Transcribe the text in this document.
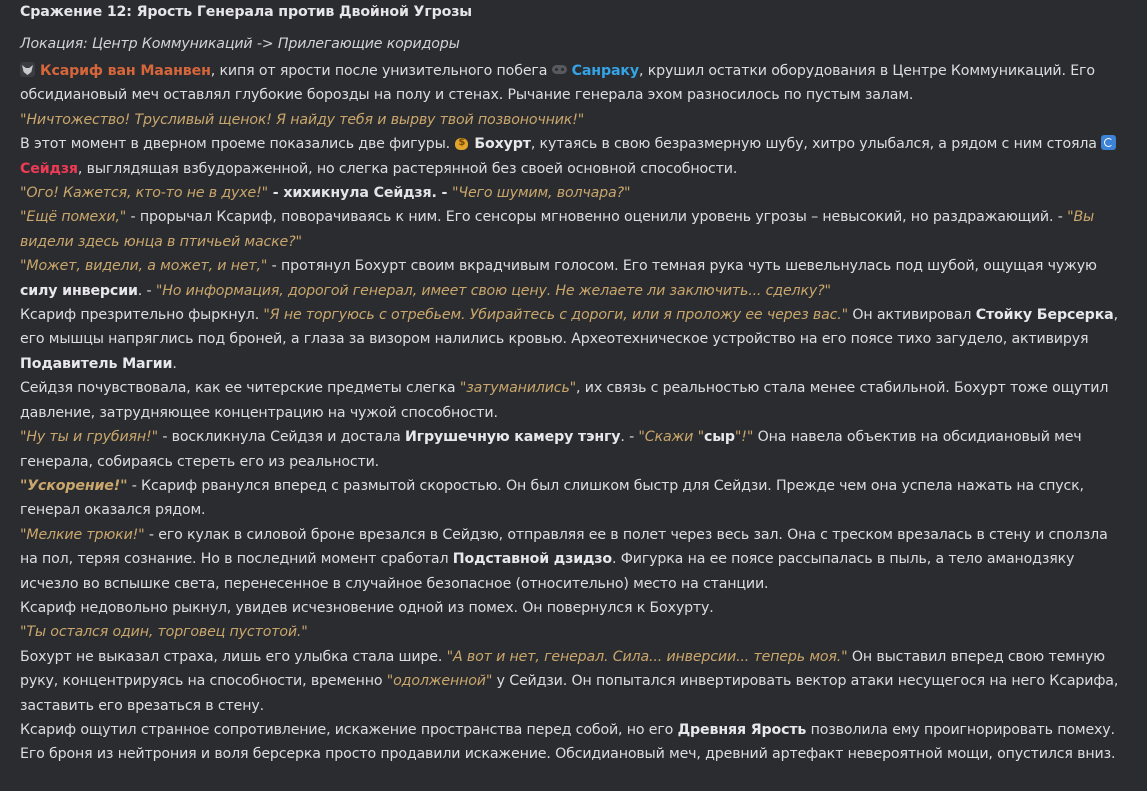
Сражение 12: Ярость Генерала против Двойной Угрозы
Локация: Центр Коммуникаций -> Прилегающие коридоры

Ксариф ван Маанвен, кипя от ярости после унизительного побега Санраку, крушил остатки оборудования в Центре Коммуникаций. Его обсидиановый меч оставлял глубокие борозды на полу и стенах. Рычание генерала эхом разносилось по пустым залам.

"Ничтожество! Трусливый щенок! Я найду тебя и вырву твой позвоночник!"

В этот момент в дверном проеме показались две фигуры. $Бохурт, кутаясь в свою безразмерную шубу, хитро улыбался, а рядом с ним стояла Сейдзя, выглядящая взбудораженной, но слегка растерянной без своей основной способности.

"Ого! Кажется, кто-то не в духе!" - хихикнула Сейдзя. - "Чего шумим, волчара?"

"Ещё помехи," - прорычал Ксариф, поворачиваясь к ним. Его сенсоры мгновенно оценили уровень угрозы – невысокий, но раздражающий. - "Вы видели здесь юнца в птичьей маске?"

"Может, видели, а может, и нет," - протянул Бохурт своим вкрадчивым голосом. Его темная рука чуть шевельнулась под шубой, ощущая чужую силу инверсии. - "Но информация, дорогой генерал, имеет свою цену. Не желаете ли заключить... сделку?"

Ксариф презрительно фыркнул. "Я не торгуюсь с отребьем. Убирайтесь с дороги, или я проложу ее через вас." Он активировал Стойку Берсерка, его мышцы напряглись под броней, а глаза за визором налились кровью. Археотехническое устройство на его поясе тихо загудело, активируя Подавитель Магии.

Сейдзя почувствовала, как ее читерские предметы слегка "затуманились", их связь с реальностью стала менее стабильной. Бохурт тоже ощутил давление, затрудняющее концентрацию на чужой способности.

"Ну ты и грубиян!" - воскликнула Сейдзя и достала Игрушечную камеру тэнгу. - "Скажи "сыр"!" Она навела объектив на обсидиановый меч генерала, собираясь стереть его из реальности.

"Ускорение!" - Ксариф рванулся вперед с размытой скоростью. Он был слишком быстр для Сейдзи. Прежде чем она успела нажать на спуск, генерал оказался рядом.

"Мелкие трюки!" - его кулак в силовой броне врезался в Сейдзю, отправляя ее в полет через весь зал. Она с треском врезалась в стену и сползла на пол, теряя сознание. Но в последний момент сработал Подставной дзидзо. Фигурка на ее поясе рассыпалась в пыль, а тело аманодзяку исчезло во вспышке света, перенесенное в случайное безопасное (относительно) место на станции.

Ксариф недовольно рыкнул, увидев исчезновение одной из помех. Он повернулся к Бохурту.

"Ты остался один, торговец пустотой."

Бохурт не выказал страха, лишь его улыбка стала шире. "А вот и нет, генерал. Сила... инверсии... теперь моя." Он выставил вперед свою темную руку, концентрируясь на способности, временно "одолженной" у Сейдзи. Он попытался инвертировать вектор атаки несущегося на него Ксарифа, заставить его врезаться в стену.

Ксариф ощутил странное сопротивление, искажение пространства перед собой, но его Древняя Ярость позволила ему проигнорировать помеху. Его броня из нейтрония и воля берсерка просто продавили искажение. Обсидиановый меч, древний артефакт невероятной мощи, опустился вниз.
